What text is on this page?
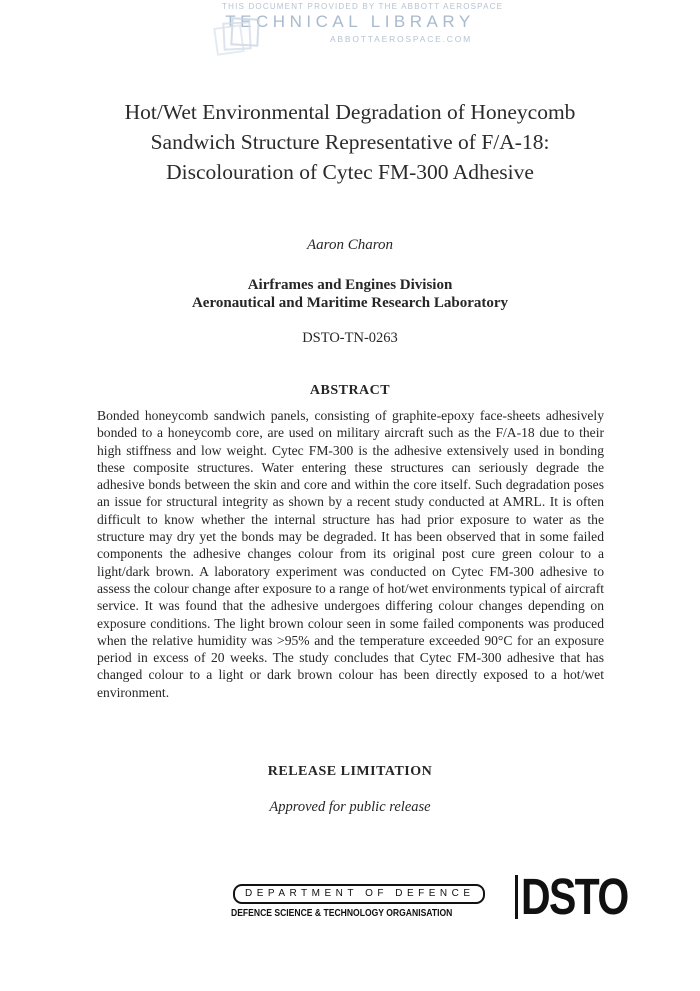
THIS DOCUMENT PROVIDED BY THE ABBOTT AEROSPACE
TECHNICAL LIBRARY
ABBOTTAEROSPACE.COM
Hot/Wet Environmental Degradation of Honeycomb
Sandwich Structure Representative of F/A-18:
Discolouration of Cytec FM-300 Adhesive
Aaron Charon
Airframes and Engines Division
Aeronautical and Maritime Research Laboratory
DSTO-TN-0263
ABSTRACT
Bonded honeycomb sandwich panels, consisting of graphite-epoxy face-sheets adhesively bonded to a honeycomb core, are used on military aircraft such as the F/A-18 due to their high stiffness and low weight. Cytec FM-300 is the adhesive extensively used in bonding these composite structures. Water entering these structures can seriously degrade the adhesive bonds between the skin and core and within the core itself. Such degradation poses an issue for structural integrity as shown by a recent study conducted at AMRL. It is often difficult to know whether the internal structure has had prior exposure to water as the structure may dry yet the bonds may be degraded. It has been observed that in some failed components the adhesive changes colour from its original post cure green colour to a light/dark brown. A laboratory experiment was conducted on Cytec FM-300 adhesive to assess the colour change after exposure to a range of hot/wet environments typical of aircraft service. It was found that the adhesive undergoes differing colour changes depending on exposure conditions. The light brown colour seen in some failed components was produced when the relative humidity was >95% and the temperature exceeded 90°C for an exposure period in excess of 20 weeks. The study concludes that Cytec FM-300 adhesive that has changed colour to a light or dark brown colour has been directly exposed to a hot/wet environment.
RELEASE LIMITATION
Approved for public release
DEPARTMENT OF DEFENCE
DEFENCE SCIENCE & TECHNOLOGY ORGANISATION DSTO
